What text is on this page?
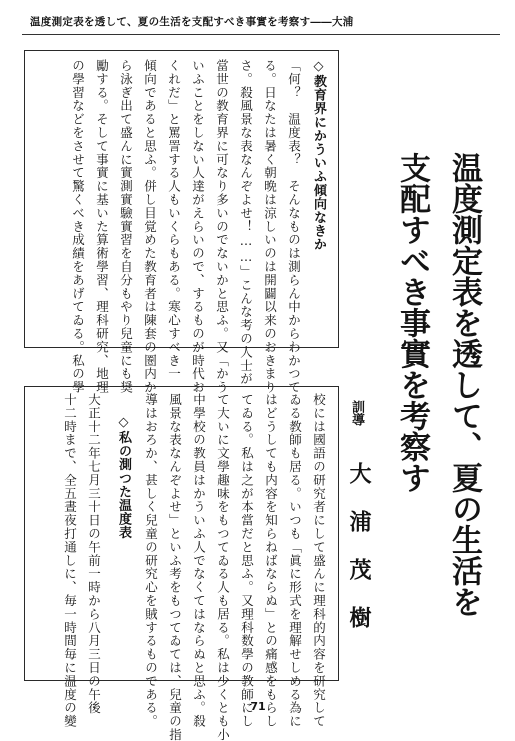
温度測定表を透して、夏の生活を支配すべき事實を考察す――大浦
温度測定表を透して、夏の生活を
支配すべき事實を考察す
訓導
大浦茂樹
◇教育界にかういふ傾向なきか
「何？　温度表？　そんなものは測らん中からわかつて
る。日なたは暑く朝晩は涼しいのは開闢以来のおきまり
さ。殺風景な表なんぞよせ！……」こんな考の人士が
當世の教育界に可なり多いのでないかと思ふ。又「かう
いふことをしない人達がえらいので、するものが時代お
くれだ」と罵詈する人もいくらもある。寒心すべき一
傾向であると思ふ。併し目覚めた教育者は陳套の圏内か
ら泳ぎ出て盛んに實測實驗實習を自分もやり兒童にも奨
勵する。そして事實に基いた算術學習、理科研究、地理
の學習などをさせて驚くべき成績をあげてゐる。私の學
校には國語の研究者にして盛んに理科的内容を研究して
ゐる教師も居る。いつも「眞に形式を理解せしめる為に
はどうしても内容を知らねばならぬ」との痛感をもらし
てゐる。私は之が本當だと思ふ。又理科数學の教師にし
て大いに文學趣味をもつてゐる人も居る。私は少くとも小
中學校の教員はかういふ人でなくてはならぬと思ふ。殺
風景な表なんぞよせ」といふ考をもつてゐては、兒童の指
導はおろか、甚しく兒童の研究心を賊するものである。
◇私の測つた温度表
大正十二年七月三十日の午前一時から八月三日の午後
十二時まで、全五晝夜打通しに、毎一時間毎に温度の變	71
